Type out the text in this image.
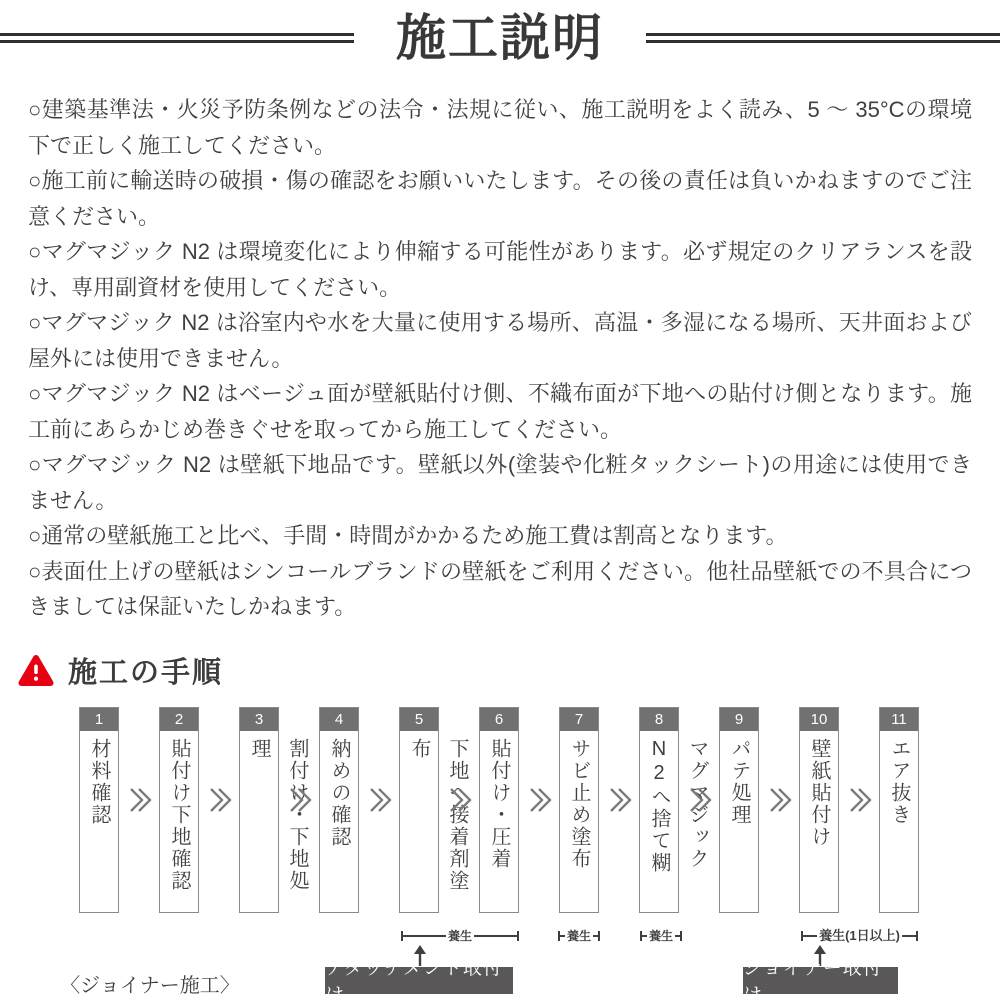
施工説明

○建築基準法・火災予防条例などの法令・法規に従い、施工説明をよく読み、5 ～ 35°Cの環境下で正しく施工してください。

○施工前に輸送時の破損・傷の確認をお願いいたします。その後の責任は負いかねますのでご注意ください。

○マグマジック N2 は環境変化により伸縮する可能性があります。必ず規定のクリアランスを設け、専用副資材を使用してください。

○マグマジック N2 は浴室内や水を大量に使用する場所、高温・多湿になる場所、天井面および屋外には使用できません。

○マグマジック N2 はベージュ面が壁紙貼付け側、不織布面が下地への貼付け側となります。施工前にあらかじめ巻きぐせを取ってから施工してください。

○マグマジック N2 は壁紙下地品です。壁紙以外(塗装や化粧タックシート)の用途には使用できません。

○通常の壁紙施工と比べ、手間・時間がかかるため施工費は割高となります。

○表面仕上げの壁紙はシンコールブランドの壁紙をご利用ください。他社品壁紙での不具合につきましては保証いたしかねます。

施工の手順
1
材料確認
2
貼付け下地確認
3
割付け・下地処理
4
納めの確認
5
下地へ接着剤塗布
6
貼付け・圧着
7
サビ止め塗布
8
マグマジックN2へ捨て糊
9
パテ処理
10
壁紙貼付け
11
エア抜き
養生	養生	養生	養生(1日以上)
〈ジョイナー施工〉
アタッチメント取付け
ジョイナー取付け
